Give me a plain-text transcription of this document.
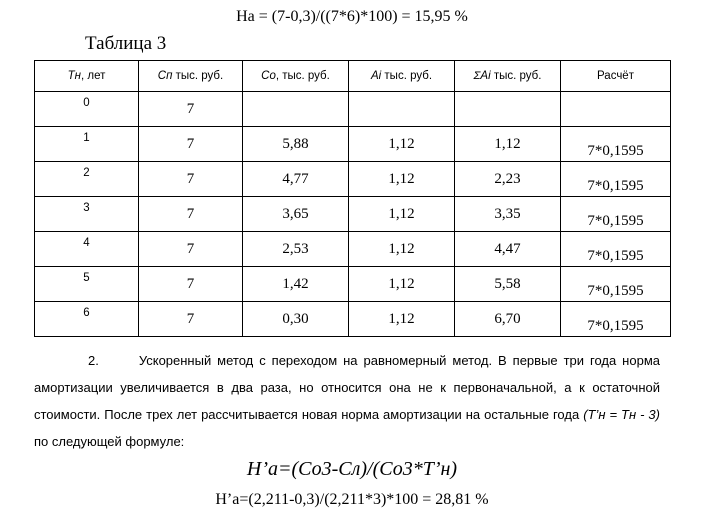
На = (7-0,3)/((7*6)*100) = 15,95 %
Таблица 3
Тн, лет	Сп тыс. руб.	Со, тыс. руб.	Аі тыс. руб.	ΣАі тыс. руб.	Расчёт
0	7				
1	7	5,88	1,12	1,12	7*0,1595
2	7	4,77	1,12	2,23	7*0,1595
3	7	3,65	1,12	3,35	7*0,1595
4	7	2,53	1,12	4,47	7*0,1595
5	7	1,42	1,12	5,58	7*0,1595
6	7	0,30	1,12	6,70	7*0,1595
2.	Ускоренный метод с переходом на равномерный метод. В первые три года норма амортизации увеличивается в два раза, но относится она не к первоначальной, а к остаточной стоимости. После трех лет рассчитывается новая норма амортизации на остальные года (Т’н = Тн - 3) по следующей формуле:
Н’а=(Со3-Сл)/(Со3*Т’н)
Н’а=(2,211-0,3)/(2,211*3)*100 = 28,81 %
